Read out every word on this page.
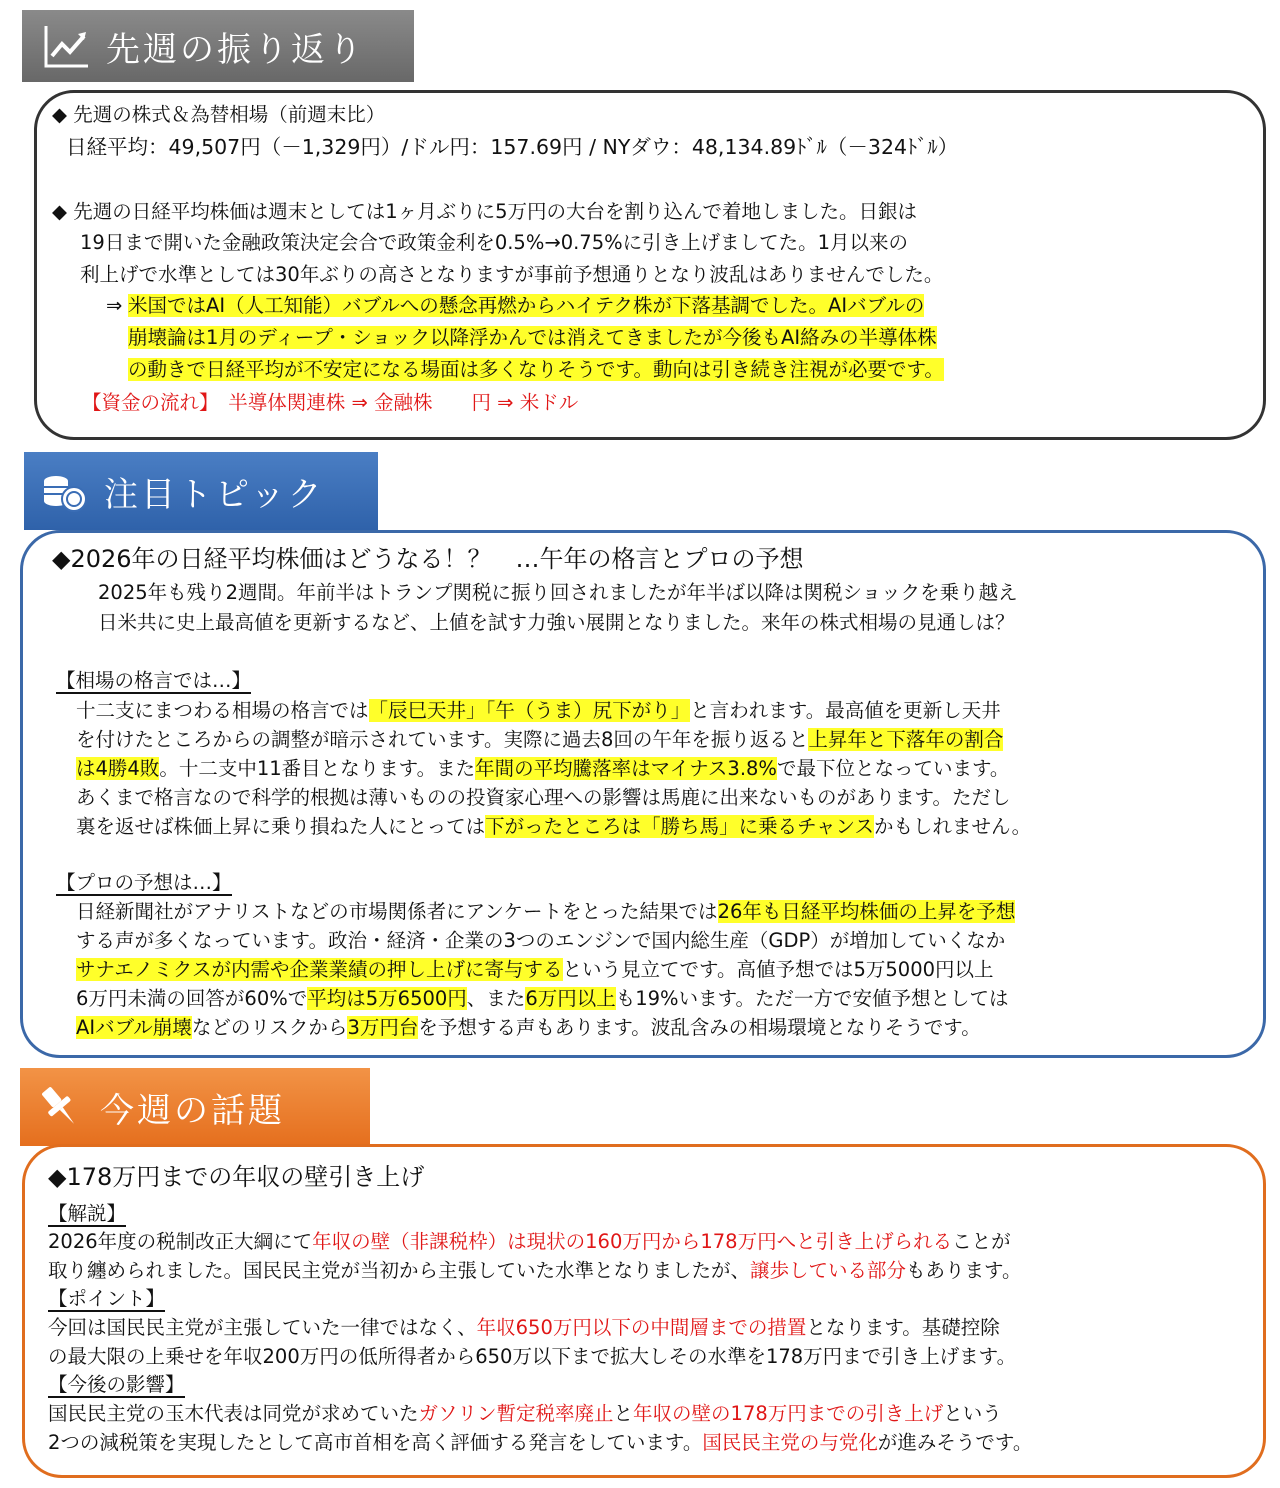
先週の振り返り
◆ 先週の株式＆為替相場（前週末比）
日経平均：49,507円（－1,329円）/ドル円：157.69円 / NYダウ：48,134.89ﾄﾞﾙ（－324ﾄﾞﾙ）
◆ 先週の日経平均株価は週末としては1ヶ月ぶりに5万円の大台を割り込んで着地しました。日銀は
19日まで開いた金融政策決定会合で政策金利を0.5%→0.75%に引き上げましてた。1月以来の
利上げで水準としては30年ぶりの高さとなりますが事前予想通りとなり波乱はありませんでした。
⇒ 米国ではAI（人工知能）バブルへの懸念再燃からハイテク株が下落基調でした。AIバブルの
崩壊論は1月のディープ・ショック以降浮かんでは消えてきましたが今後もAI絡みの半導体株
の動きで日経平均が不安定になる場面は多くなりそうです。動向は引き続き注視が必要です。
【資金の流れ】　半導体関連株 ⇒ 金融株　　円 ⇒ 米ドル
注目トピック
◆2026年の日経平均株価はどうなる！？　…午年の格言とプロの予想
2025年も残り2週間。年前半はトランプ関税に振り回されましたが年半ば以降は関税ショックを乗り越え
日米共に史上最高値を更新するなど、上値を試す力強い展開となりました。来年の株式相場の見通しは？
【相場の格言では…】
十二支にまつわる相場の格言では「辰巳天井」「午（うま）尻下がり」と言われます。最高値を更新し天井
を付けたところからの調整が暗示されています。実際に過去8回の午年を振り返ると上昇年と下落年の割合
は4勝4敗。十二支中11番目となります。また年間の平均騰落率はマイナス3.8%で最下位となっています。
あくまで格言なので科学的根拠は薄いものの投資家心理への影響は馬鹿に出来ないものがあります。ただし
裏を返せば株価上昇に乗り損ねた人にとっては下がったところは「勝ち馬」に乗るチャンスかもしれません。
【プロの予想は…】
日経新聞社がアナリストなどの市場関係者にアンケートをとった結果では26年も日経平均株価の上昇を予想
する声が多くなっています。政治・経済・企業の3つのエンジンで国内総生産（GDP）が増加していくなか
サナエノミクスが内需や企業業績の押し上げに寄与するという見立てです。高値予想では5万5000円以上
6万円未満の回答が60%で平均は5万6500円、また6万円以上も19%います。ただ一方で安値予想としては
AIバブル崩壊などのリスクから3万円台を予想する声もあります。波乱含みの相場環境となりそうです。
今週の話題
◆178万円までの年収の壁引き上げ
【解説】
2026年度の税制改正大綱にて年収の壁（非課税枠）は現状の160万円から178万円へと引き上げられることが
取り纏められました。国民民主党が当初から主張していた水準となりましたが、譲歩している部分もあります。
【ポイント】
今回は国民民主党が主張していた一律ではなく、年収650万円以下の中間層までの措置となります。基礎控除
の最大限の上乗せを年収200万円の低所得者から650万以下まで拡大しその水準を178万円まで引き上げます。
【今後の影響】
国民民主党の玉木代表は同党が求めていたガソリン暫定税率廃止と年収の壁の178万円までの引き上げという
2つの減税策を実現したとして高市首相を高く評価する発言をしています。国民民主党の与党化が進みそうです。
